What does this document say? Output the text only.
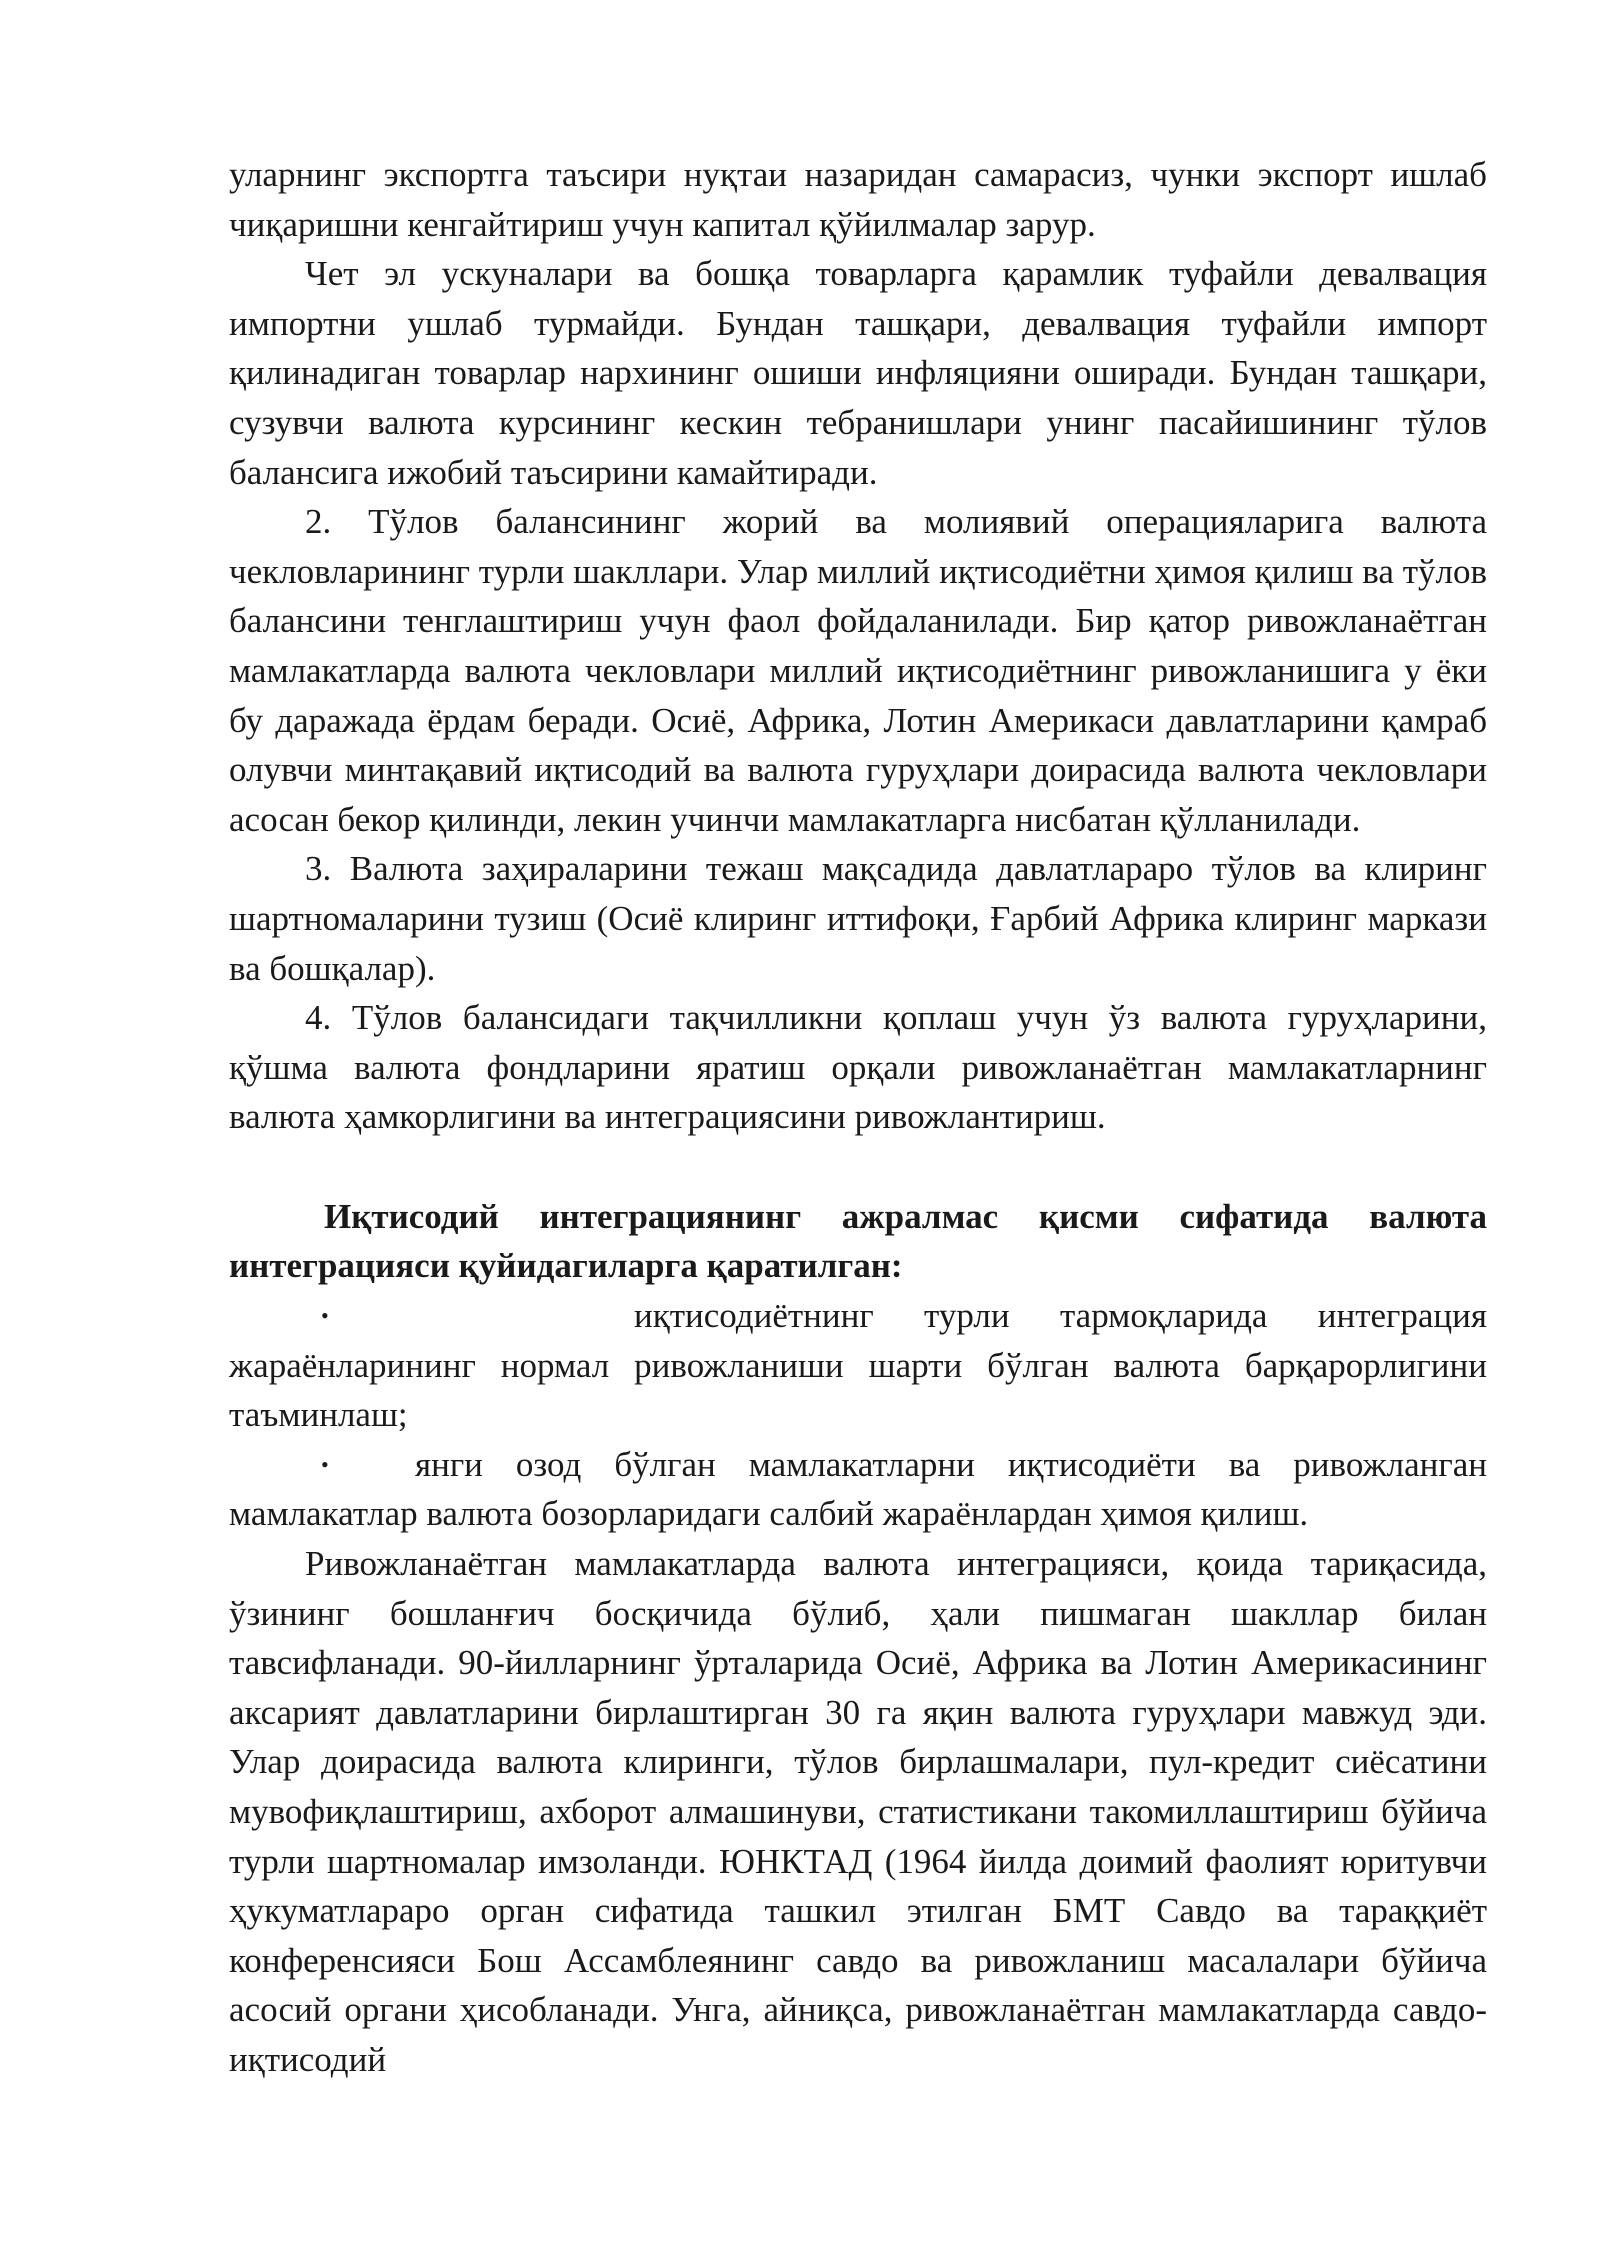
уларнинг экспортга таъсири нуқтаи назаридан самарасиз, чунки экспорт ишлаб чиқаришни кенгайтириш учун капитал қўйилмалар зарур.

Чет эл ускуналари ва бошқа товарларга қарамлик туфайли девалвация импортни ушлаб турмайди. Бундан ташқари, девалвация туфайли импорт қилинадиган товарлар нархининг ошиши инфляцияни оширади. Бундан ташқари, сузувчи валюта курсининг кескин тебранишлари унинг пасайишининг тўлов балансига ижобий таъсирини камайтиради.

2. Тўлов балансининг жорий ва молиявий операцияларига валюта чекловларининг турли шакллари. Улар миллий иқтисодиётни ҳимоя қилиш ва тўлов балансини тенглаштириш учун фаол фойдаланилади. Бир қатор ривожланаётган мамлакатларда валюта чекловлари миллий иқтисодиётнинг ривожланишига у ёки бу даражада ёрдам беради. Осиё, Африка, Лотин Америкаси давлатларини қамраб олувчи минтақавий иқтисодий ва валюта гуруҳлари доирасида валюта чекловлари асосан бекор қилинди, лекин учинчи мамлакатларга нисбатан қўлланилади.

3. Валюта заҳираларини тежаш мақсадида давлатлараро тўлов ва клиринг шартномаларини тузиш (Осиё клиринг иттифоқи, Ғарбий Африка клиринг маркази ва бошқалар).

4. Тўлов балансидаги тақчилликни қоплаш учун ўз валюта гуруҳларини, қўшма валюта фондларини яратиш орқали ривожланаётган мамлакатларнинг валюта ҳамкорлигини ва интеграциясини ривожлантириш.

Иқтисодий интеграциянинг ажралмас қисми сифатида валюта интеграцияси қуйидагиларга қаратилган:

•	иқтисодиётнинг турли тармоқларида интеграция жараёнларининг нормал ривожланиши шарти бўлган валюта барқарорлигини таъминлаш;

•	янги озод бўлган мамлакатларни иқтисодиёти ва ривожланган мамлакатлар валюта бозорларидаги салбий жараёнлардан ҳимоя қилиш.

Ривожланаётган мамлакатларда валюта интеграцияси, қоида тариқасида, ўзининг бошланғич босқичида бўлиб, ҳали пишмаган шакллар билан тавсифланади. 90-йилларнинг ўрталарида Осиё, Африка ва Лотин Америкасининг аксарият давлатларини бирлаштирган 30 га яқин валюта гуруҳлари мавжуд эди. Улар доирасида валюта клиринги, тўлов бирлашмалари, пул-кредит сиёсатини мувофиқлаштириш, ахборот алмашинуви, статистикани такомиллаштириш бўйича турли шартномалар имзоланди. ЮНКТАД (1964 йилда доимий фаолият юритувчи ҳукуматлараро орган сифатида ташкил этилган БМТ Савдо ва тараққиёт конференсияси Бош Ассамблеянинг савдо ва ривожланиш масалалари бўйича асосий органи ҳисобланади. Унга, айниқса, ривожланаётган мамлакатларда савдо-иқтисодий
